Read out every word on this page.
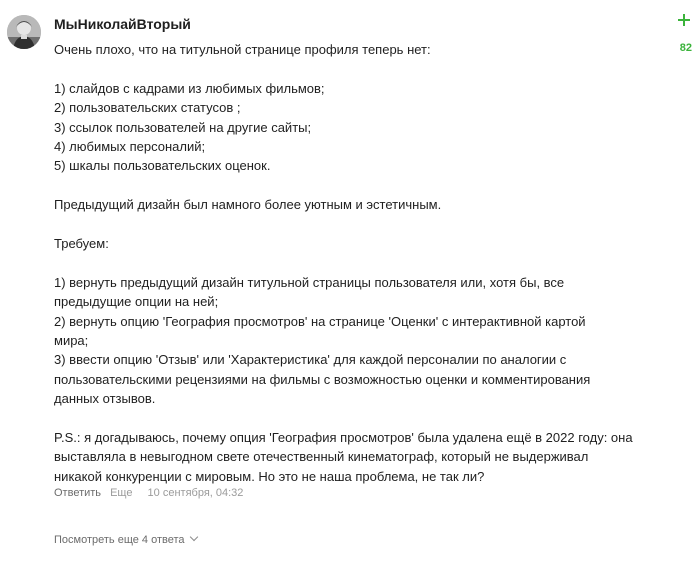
МыНиколайВторый
82

Очень плохо, что на титульной странице профиля теперь нет:

1) слайдов с кадрами из любимых фильмов;
2) пользовательских статусов ;
3) ссылок пользователей на другие сайты;
4) любимых персоналий;
5) шкалы пользовательских оценок.

Предыдущий дизайн был намного более уютным и эстетичным.

Требуем:

1) вернуть предыдущий дизайн титульной страницы пользователя или, хотя бы, все
предыдущие опции на ней;
2) вернуть опцию 'География просмотров' на странице 'Оценки' с интерактивной картой
мира;
3) ввести опцию 'Отзыв' или 'Характеристика' для каждой персоналии по аналогии с
пользовательскими рецензиями на фильмы с возможностью оценки и комментирования
данных отзывов.

P.S.: я догадываюсь, почему опция 'География просмотров' была удалена ещё в 2022 году: она
выставляла в невыгодном свете отечественный кинематограф, который не выдерживал
никакой конкуренции с мировым. Но это не наша проблема, не так ли?

Ответить Еще 10 сентября, 04:32
Посмотреть еще 4 ответа
